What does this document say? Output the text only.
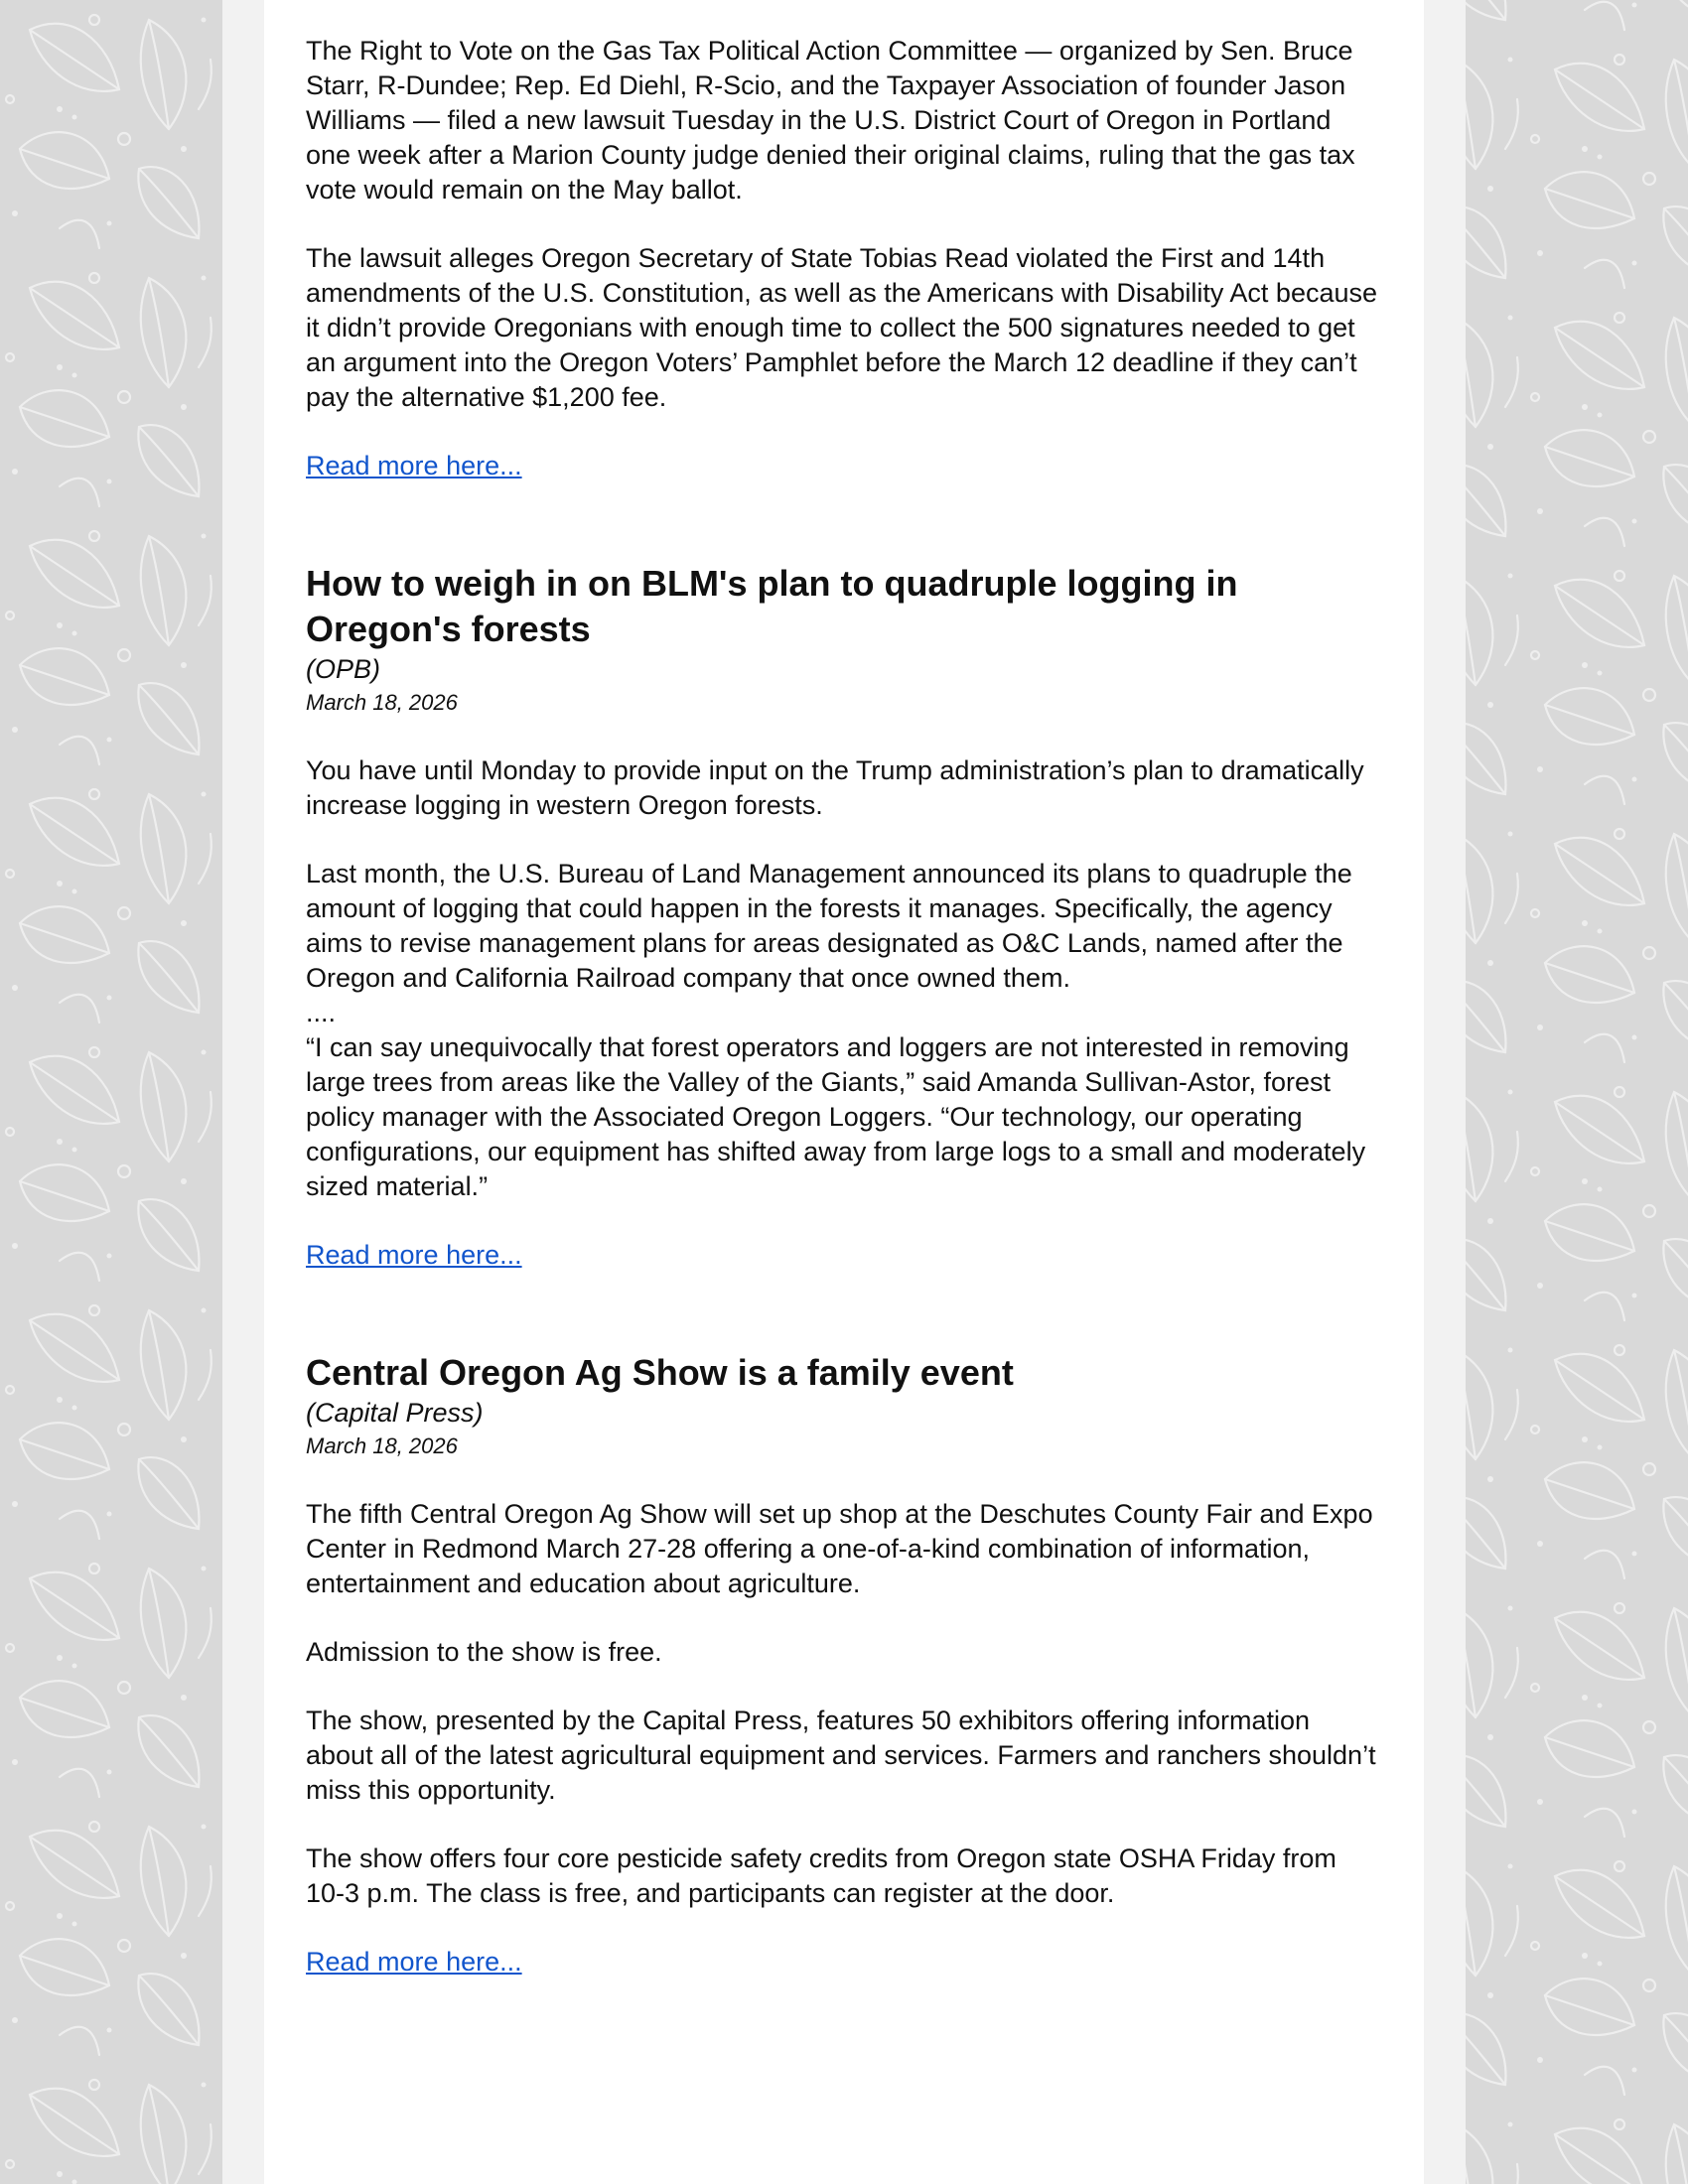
The Right to Vote on the Gas Tax Political Action Committee — organized by Sen. Bruce Starr, R-Dundee; Rep. Ed Diehl, R-Scio, and the Taxpayer Association of founder Jason Williams — filed a new lawsuit Tuesday in the U.S. District Court of Oregon in Portland one week after a Marion County judge denied their original claims, ruling that the gas tax vote would remain on the May ballot.

The lawsuit alleges Oregon Secretary of State Tobias Read violated the First and 14th amendments of the U.S. Constitution, as well as the Americans with Disability Act because it didn’t provide Oregonians with enough time to collect the 500 signatures needed to get an argument into the Oregon Voters’ Pamphlet before the March 12 deadline if they can’t pay the alternative $1,200 fee.

Read more here...
How to weigh in on BLM's plan to quadruple logging in Oregon's forests
(OPB)
March 18, 2026

You have until Monday to provide input on the Trump administration’s plan to dramatically increase logging in western Oregon forests.

Last month, the U.S. Bureau of Land Management announced its plans to quadruple the amount of logging that could happen in the forests it manages. Specifically, the agency aims to revise management plans for areas designated as O&C Lands, named after the Oregon and California Railroad company that once owned them.

....

“I can say unequivocally that forest operators and loggers are not interested in removing large trees from areas like the Valley of the Giants,” said Amanda Sullivan-Astor, forest policy manager with the Associated Oregon Loggers. “Our technology, our operating configurations, our equipment has shifted away from large logs to a small and moderately sized material.”

Read more here...
Central Oregon Ag Show is a family event
(Capital Press)
March 18, 2026

The fifth Central Oregon Ag Show will set up shop at the Deschutes County Fair and Expo Center in Redmond March 27-28 offering a one-of-a-kind combination of information, entertainment and education about agriculture.

Admission to the show is free.

The show, presented by the Capital Press, features 50 exhibitors offering information about all of the latest agricultural equipment and services. Farmers and ranchers shouldn’t miss this opportunity.

The show offers four core pesticide safety credits from Oregon state OSHA Friday from 10-3 p.m. The class is free, and participants can register at the door.

Read more here...
